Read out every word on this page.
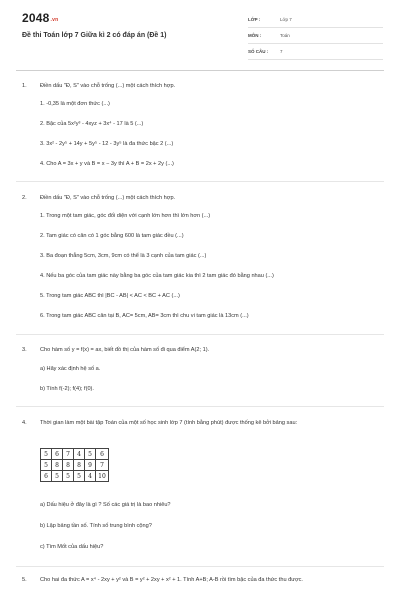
2048.vn
Đề thi Toán lớp 7 Giữa kì 2 có đáp án (Đề 1)
LỚP :	Lớp 7
MÔN :	Toán
SỐ CÂU :	7
1. Điền dấu "Đ, S" vào chỗ trống (...) một cách thích hợp.
1. -0,35 là một đơn thức (...)
2. Bậc của 5x²y³ - 4xyz + 3x⁴ - 17 là 5 (...)
3. 3x² - 2y⁵ + 14y + 5y⁵ - 12 - 3y⁵ là đa thức bậc 2 (...)
4. Cho A = 3x + y và B = x − 3y thì A + B = 2x + 2y (...)
2. Điền dấu "Đ, S" vào chỗ trống (...) một cách thích hợp.
1. Trong một tam giác, góc đối diện với cạnh lớn hơn thì lớn hơn (...)
2. Tam giác có cân có 1 góc bằng 600 là tam giác đều (...)
3. Ba đoạn thẳng 5cm, 3cm, 9cm có thể là 3 cạnh của tam giác (...)
4. Nếu ba góc của tam giác này bằng ba góc của tam giác kia thì 2 tam giác đó bằng nhau (...)
5. Trong tam giác ABC thì |BC - AB| < AC < BC + AC (...)
6. Trong tam giác ABC cân tại B, AC= 5cm, AB= 3cm thì chu vi tam giác là 13cm (...)
3. Cho hàm số y = f(x) = ax, biết đồ thị của hàm số đi qua điểm A(2; 1).
a) Hãy xác định hệ số a.
b) Tính f(-2); f(4); f(0).
4. Thời gian làm một bài tập Toán của một số học sinh lớp 7 (tính bằng phút) được thống kê bởi bảng sau:
5	6	7	4	5	6
5	8	8	8	9	7
6	5	5	5	4	10
a) Dấu hiệu ở đây là gì ? Số các giá trị là bao nhiêu?
b) Lập bảng tần số. Tính số trung bình cộng?
c) Tìm Mốt của dấu hiệu?
5. Cho hai đa thức A = x⁴ - 2xy + y² và B = y² + 2xy + x² + 1. Tính A+B; A-B rồi tìm bậc của đa thức thu được.
